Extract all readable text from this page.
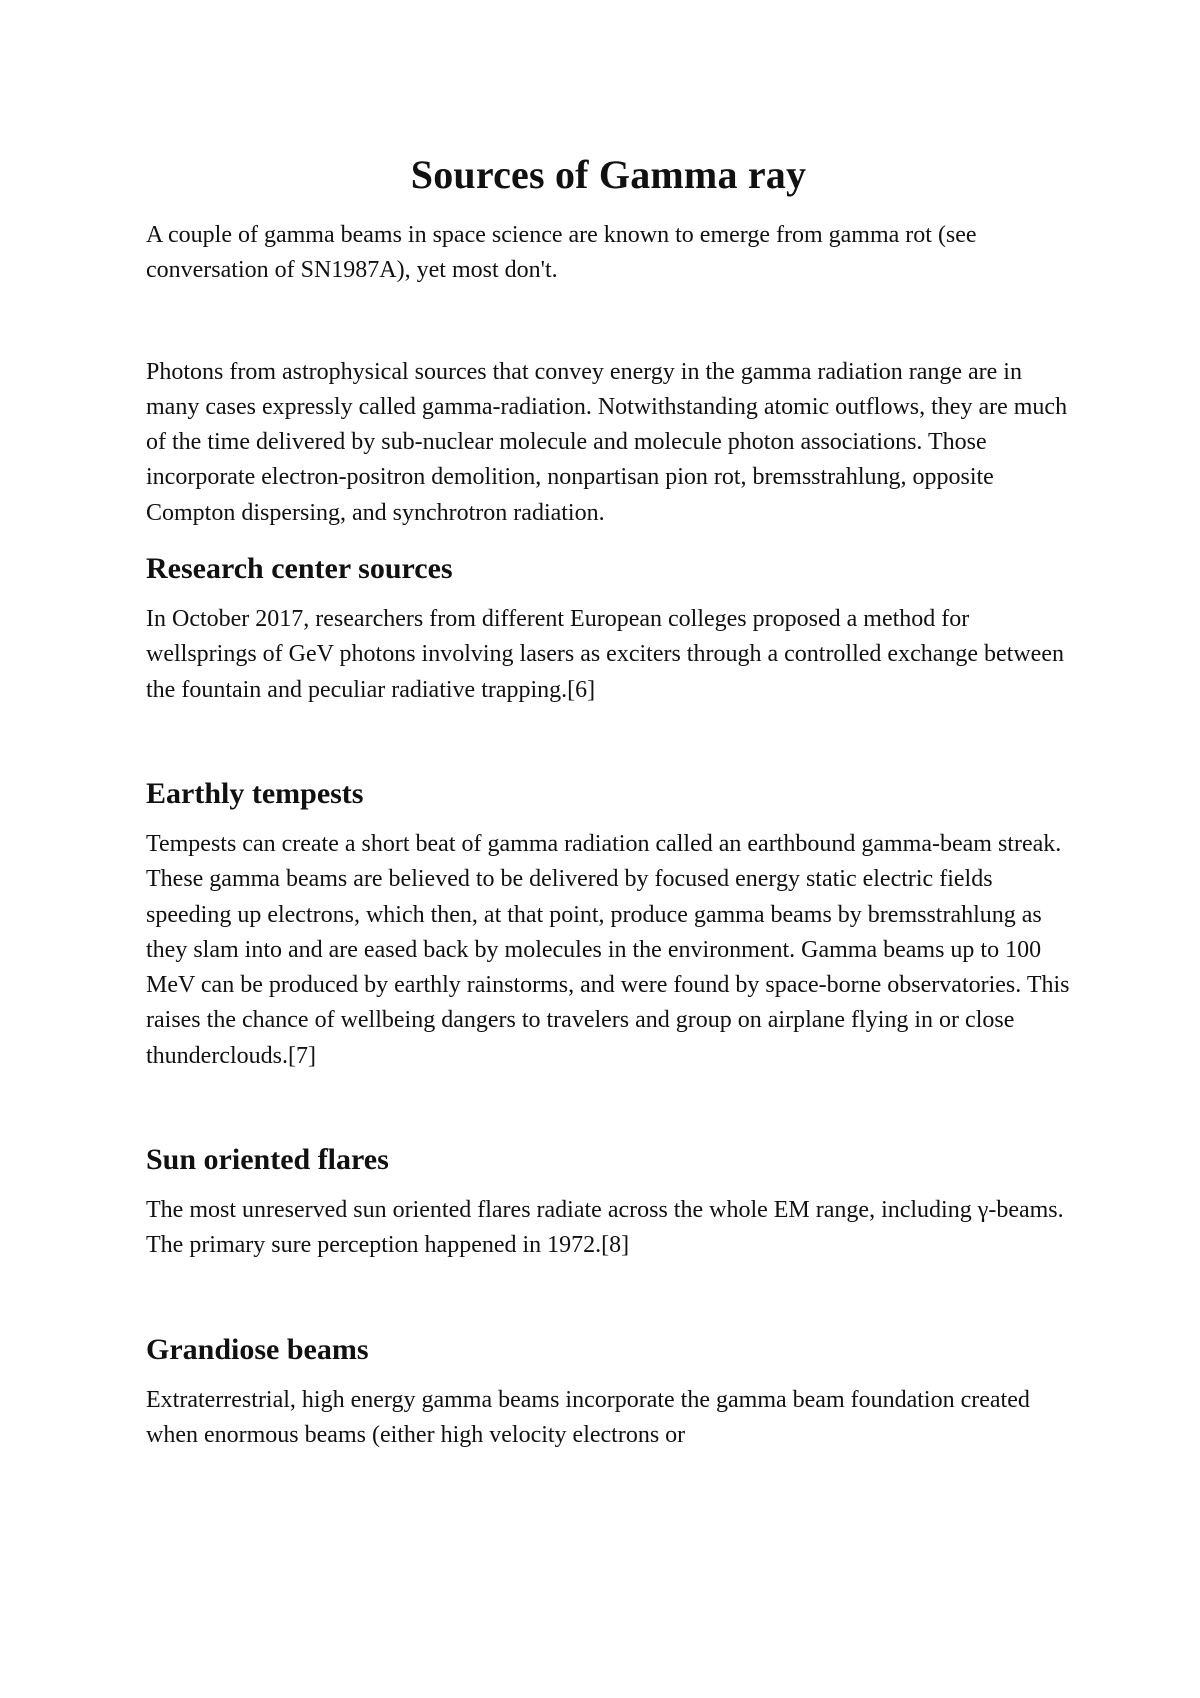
Sources of Gamma ray

A couple of gamma beams in space science are known to emerge from gamma rot (see conversation of SN1987A), yet most don't.

Photons from astrophysical sources that convey energy in the gamma radiation range are in many cases expressly called gamma-radiation. Notwithstanding atomic outflows, they are much of the time delivered by sub-nuclear molecule and molecule photon associations. Those incorporate electron-positron demolition, nonpartisan pion rot, bremsstrahlung, opposite Compton dispersing, and synchrotron radiation.

Research center sources

In October 2017, researchers from different European colleges proposed a method for wellsprings of GeV photons involving lasers as exciters through a controlled exchange between the fountain and peculiar radiative trapping.[6]

Earthly tempests

Tempests can create a short beat of gamma radiation called an earthbound gamma-beam streak. These gamma beams are believed to be delivered by focused energy static electric fields speeding up electrons, which then, at that point, produce gamma beams by bremsstrahlung as they slam into and are eased back by molecules in the environment. Gamma beams up to 100 MeV can be produced by earthly rainstorms, and were found by space-borne observatories. This raises the chance of wellbeing dangers to travelers and group on airplane flying in or close thunderclouds.[7]

Sun oriented flares

The most unreserved sun oriented flares radiate across the whole EM range, including γ-beams. The primary sure perception happened in 1972.[8]

Grandiose beams

Extraterrestrial, high energy gamma beams incorporate the gamma beam foundation created when enormous beams (either high velocity electrons or
